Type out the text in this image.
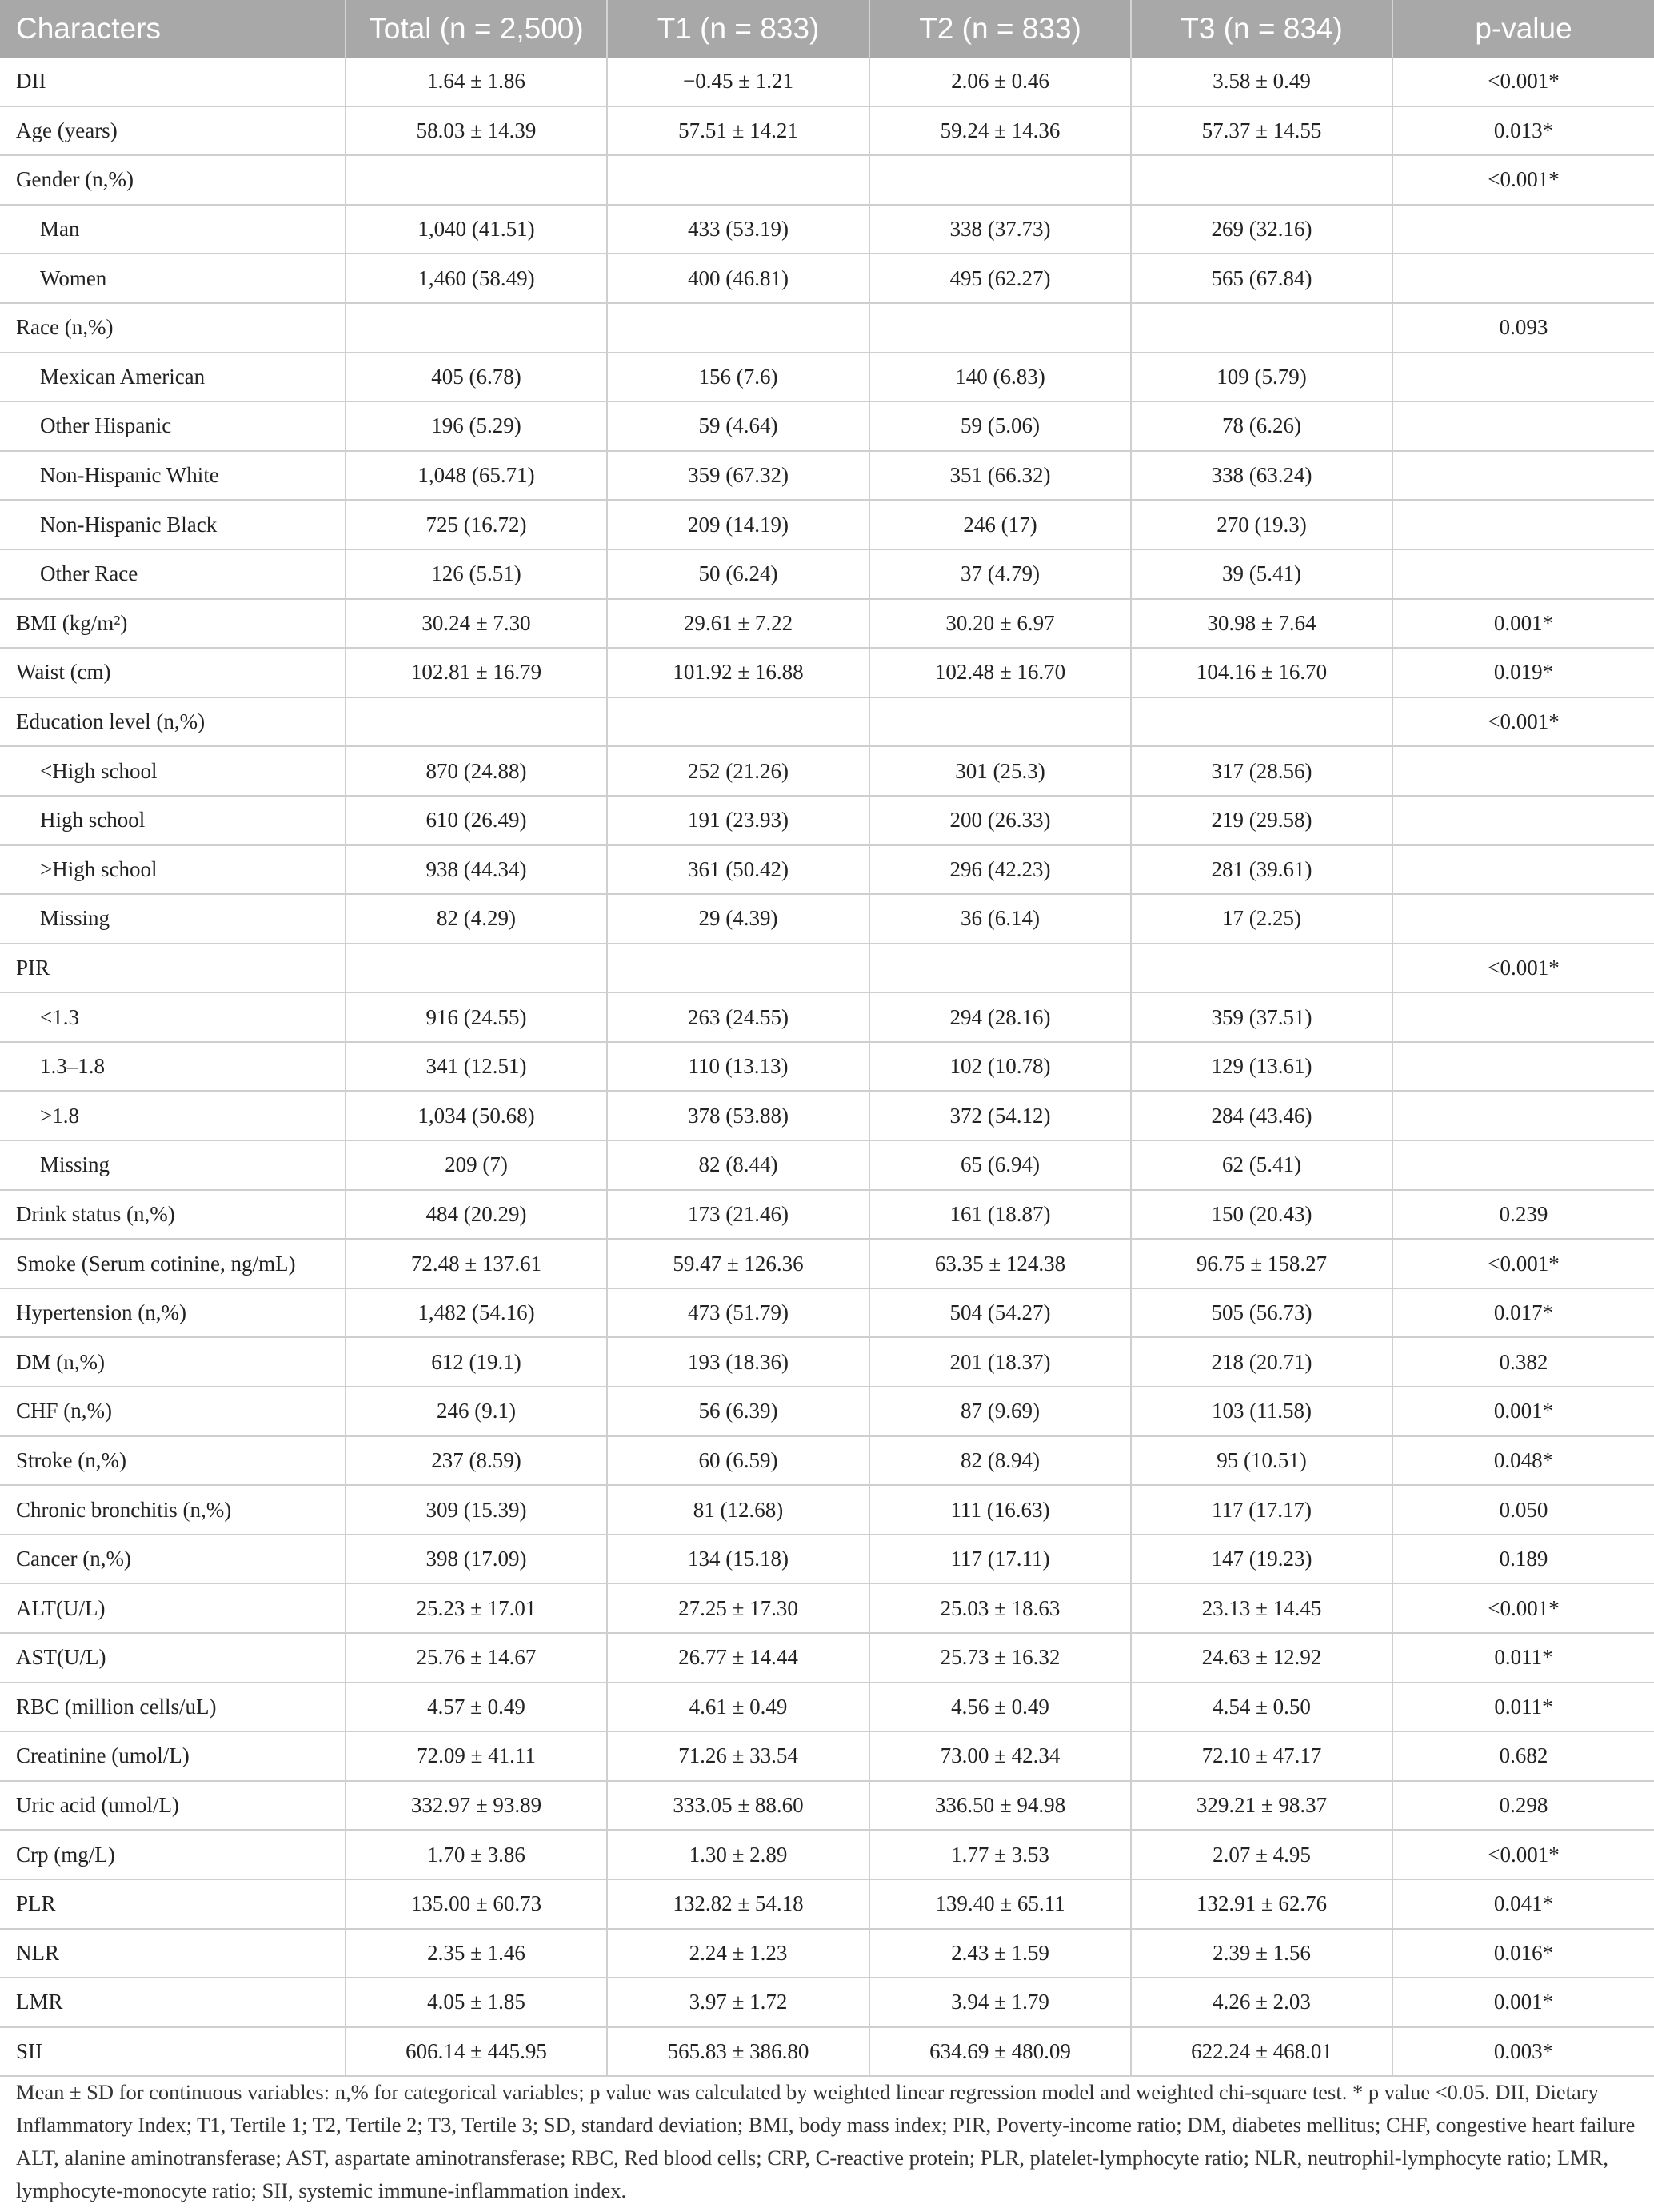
Characters	Total (n = 2,500)	T1 (n = 833)	T2 (n = 833)	T3 (n = 834)	p-value
DII	1.64 ± 1.86	−0.45 ± 1.21	2.06 ± 0.46	3.58 ± 0.49	<0.001*
Age (years)	58.03 ± 14.39	57.51 ± 14.21	59.24 ± 14.36	57.37 ± 14.55	0.013*
Gender (n,%)					<0.001*
Man	1,040 (41.51)	433 (53.19)	338 (37.73)	269 (32.16)	
Women	1,460 (58.49)	400 (46.81)	495 (62.27)	565 (67.84)	
Race (n,%)					0.093
Mexican American	405 (6.78)	156 (7.6)	140 (6.83)	109 (5.79)	
Other Hispanic	196 (5.29)	59 (4.64)	59 (5.06)	78 (6.26)	
Non-Hispanic White	1,048 (65.71)	359 (67.32)	351 (66.32)	338 (63.24)	
Non-Hispanic Black	725 (16.72)	209 (14.19)	246 (17)	270 (19.3)	
Other Race	126 (5.51)	50 (6.24)	37 (4.79)	39 (5.41)	
BMI (kg/m²)	30.24 ± 7.30	29.61 ± 7.22	30.20 ± 6.97	30.98 ± 7.64	0.001*
Waist (cm)	102.81 ± 16.79	101.92 ± 16.88	102.48 ± 16.70	104.16 ± 16.70	0.019*
Education level (n,%)					<0.001*
<High school	870 (24.88)	252 (21.26)	301 (25.3)	317 (28.56)	
High school	610 (26.49)	191 (23.93)	200 (26.33)	219 (29.58)	
>High school	938 (44.34)	361 (50.42)	296 (42.23)	281 (39.61)	
Missing	82 (4.29)	29 (4.39)	36 (6.14)	17 (2.25)	
PIR					<0.001*
<1.3	916 (24.55)	263 (24.55)	294 (28.16)	359 (37.51)	
1.3–1.8	341 (12.51)	110 (13.13)	102 (10.78)	129 (13.61)	
>1.8	1,034 (50.68)	378 (53.88)	372 (54.12)	284 (43.46)	
Missing	209 (7)	82 (8.44)	65 (6.94)	62 (5.41)	
Drink status (n,%)	484 (20.29)	173 (21.46)	161 (18.87)	150 (20.43)	0.239
Smoke (Serum cotinine, ng/mL)	72.48 ± 137.61	59.47 ± 126.36	63.35 ± 124.38	96.75 ± 158.27	<0.001*
Hypertension (n,%)	1,482 (54.16)	473 (51.79)	504 (54.27)	505 (56.73)	0.017*
DM (n,%)	612 (19.1)	193 (18.36)	201 (18.37)	218 (20.71)	0.382
CHF (n,%)	246 (9.1)	56 (6.39)	87 (9.69)	103 (11.58)	0.001*
Stroke (n,%)	237 (8.59)	60 (6.59)	82 (8.94)	95 (10.51)	0.048*
Chronic bronchitis (n,%)	309 (15.39)	81 (12.68)	111 (16.63)	117 (17.17)	0.050
Cancer (n,%)	398 (17.09)	134 (15.18)	117 (17.11)	147 (19.23)	0.189
ALT(U/L)	25.23 ± 17.01	27.25 ± 17.30	25.03 ± 18.63	23.13 ± 14.45	<0.001*
AST(U/L)	25.76 ± 14.67	26.77 ± 14.44	25.73 ± 16.32	24.63 ± 12.92	0.011*
RBC (million cells/uL)	4.57 ± 0.49	4.61 ± 0.49	4.56 ± 0.49	4.54 ± 0.50	0.011*
Creatinine (umol/L)	72.09 ± 41.11	71.26 ± 33.54	73.00 ± 42.34	72.10 ± 47.17	0.682
Uric acid (umol/L)	332.97 ± 93.89	333.05 ± 88.60	336.50 ± 94.98	329.21 ± 98.37	0.298
Crp (mg/L)	1.70 ± 3.86	1.30 ± 2.89	1.77 ± 3.53	2.07 ± 4.95	<0.001*
PLR	135.00 ± 60.73	132.82 ± 54.18	139.40 ± 65.11	132.91 ± 62.76	0.041*
NLR	2.35 ± 1.46	2.24 ± 1.23	2.43 ± 1.59	2.39 ± 1.56	0.016*
LMR	4.05 ± 1.85	3.97 ± 1.72	3.94 ± 1.79	4.26 ± 2.03	0.001*
SII	606.14 ± 445.95	565.83 ± 386.80	634.69 ± 480.09	622.24 ± 468.01	0.003*
Mean ± SD for continuous variables: n,% for categorical variables; p value was calculated by weighted linear regression model and weighted chi-square test. * p value <0.05. DII, Dietary Inflammatory Index; T1, Tertile 1; T2, Tertile 2; T3, Tertile 3; SD, standard deviation; BMI, body mass index; PIR, Poverty-income ratio; DM, diabetes mellitus; CHF, congestive heart failure ALT, alanine aminotransferase; AST, aspartate aminotransferase; RBC, Red blood cells; CRP, C-reactive protein; PLR, platelet-lymphocyte ratio; NLR, neutrophil-lymphocyte ratio; LMR, lymphocyte-monocyte ratio; SII, systemic immune-inflammation index.
